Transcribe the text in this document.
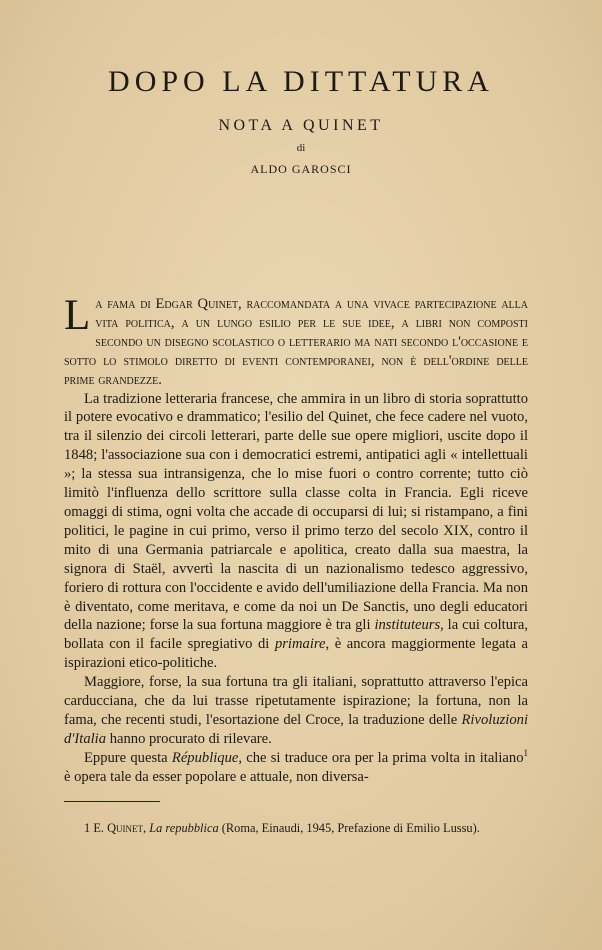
DOPO LA DITTATURA
NOTA A QUINET
di
ALDO GAROSCI

La fama di Edgar Quinet, raccomandata a una vivace partecipazione alla vita politica, a un lungo esilio per le sue idee, a libri non composti secondo un disegno scolastico o letterario ma nati secondo l'occasione e sotto lo stimolo diretto di eventi contemporanei, non è dell'ordine delle prime grandezze.

La tradizione letteraria francese, che ammira in un libro di storia soprattutto il potere evocativo e drammatico; l'esilio del Quinet, che fece cadere nel vuoto, tra il silenzio dei circoli letterari, parte delle sue opere migliori, uscite dopo il 1848; l'associazione sua con i democratici estremi, antipatici agli « intellettuali »; la stessa sua intransigenza, che lo mise fuori o contro corrente; tutto ciò limitò l'influenza dello scrittore sulla classe colta in Francia. Egli riceve omaggi di stima, ogni volta che accade di occuparsi di lui; si ristampano, a fini politici, le pagine in cui primo, verso il primo terzo del secolo XIX, contro il mito di una Germania patriarcale e apolitica, creato dalla sua maestra, la signora di Staël, avvertì la nascita di un nazionalismo tedesco aggressivo, foriero di rottura con l'occidente e avido dell'umiliazione della Francia. Ma non è diventato, come meritava, e come da noi un De Sanctis, uno degli educatori della nazione; forse la sua fortuna maggiore è tra gli instituteurs, la cui coltura, bollata con il facile spregiativo di primaire, è ancora maggiormente legata a ispirazioni etico-politiche.

Maggiore, forse, la sua fortuna tra gli italiani, soprattutto attraverso l'epica carducciana, che da lui trasse ripetutamente ispirazione; la fortuna, non la fama, che recenti studi, l'esortazione del Croce, la traduzione delle Rivoluzioni d'Italia hanno procurato di rilevare.

Eppure questa République, che si traduce ora per la prima volta in italiano$^1$ è opera tale da esser popolare e attuale, non diversa-

1 E. Quinet, La repubblica (Roma, Einaudi, 1945, Prefazione di Emilio Lussu).
